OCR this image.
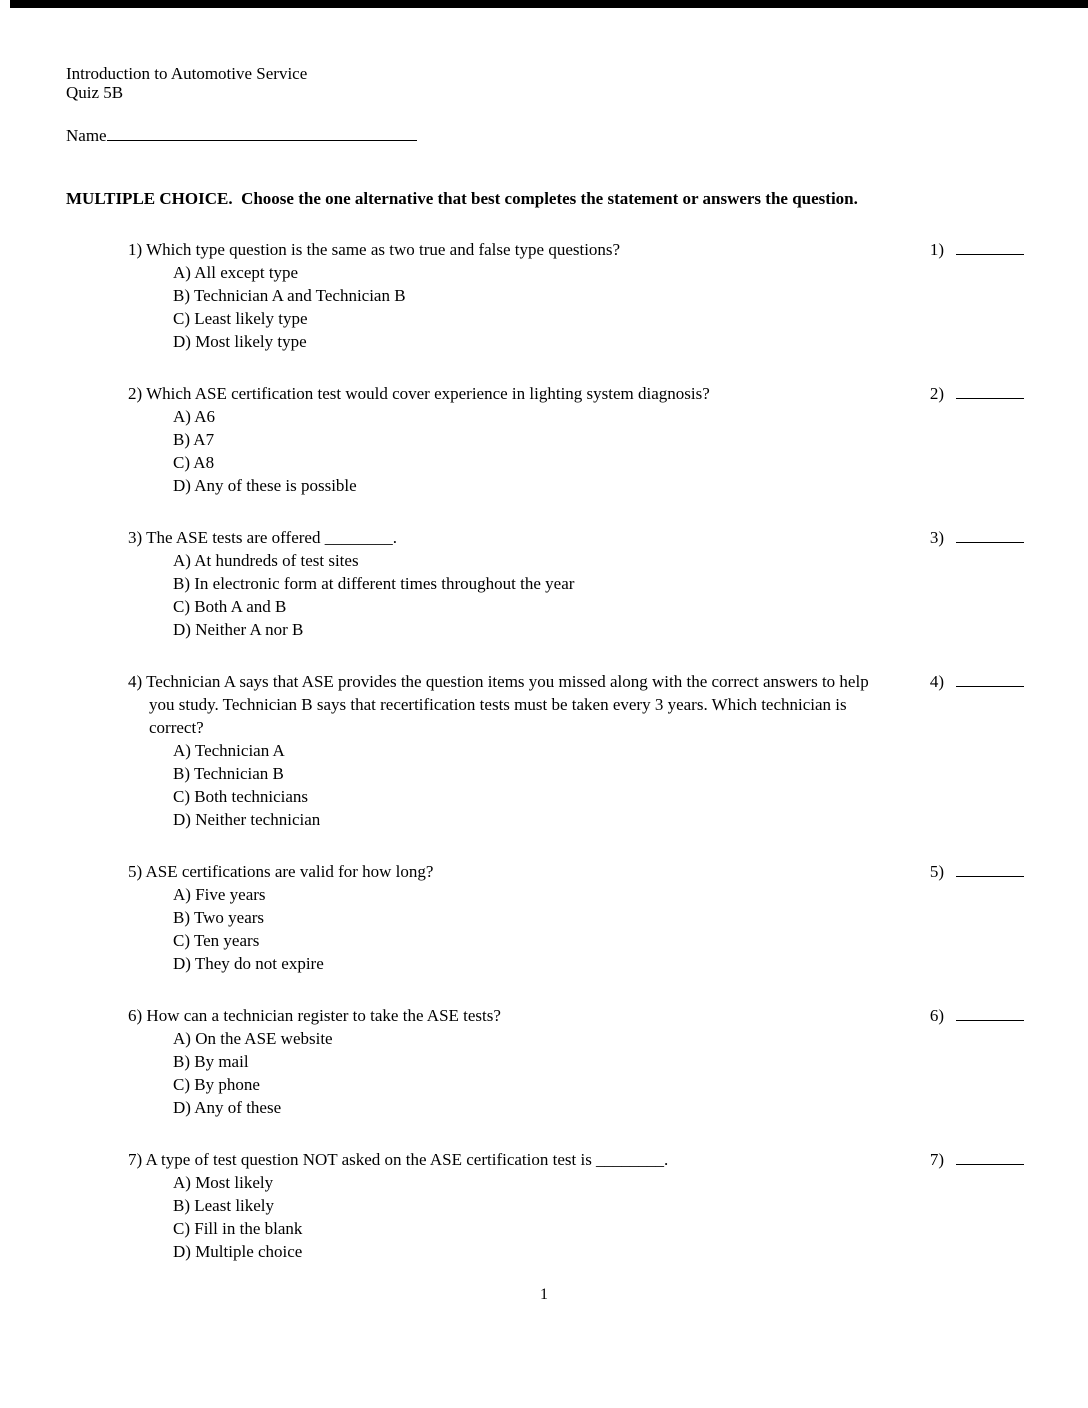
Introduction to Automotive Service
Quiz 5B
Name
MULTIPLE CHOICE.  Choose the one alternative that best completes the statement or answers the question.
1) Which type question is the same as two true and false type questions?
A) All except type
B) Technician A and Technician B
C) Least likely type
D) Most likely type
1)
2) Which ASE certification test would cover experience in lighting system diagnosis?
A) A6
B) A7
C) A8
D) Any of these is possible
2)
3) The ASE tests are offered ________.
A) At hundreds of test sites
B) In electronic form at different times throughout the year
C) Both A and B
D) Neither A nor B
3)
4) Technician A says that ASE provides the question items you missed along with the correct answers to help you study. Technician B says that recertification tests must be taken every 3 years. Which technician is correct?
A) Technician A
B) Technician B
C) Both technicians
D) Neither technician
4)
5) ASE certifications are valid for how long?
A) Five years
B) Two years
C) Ten years
D) They do not expire
5)
6) How can a technician register to take the ASE tests?
A) On the ASE website
B) By mail
C) By phone
D) Any of these
6)
7) A type of test question NOT asked on the ASE certification test is ________.
A) Most likely
B) Least likely
C) Fill in the blank
D) Multiple choice
7)
1
